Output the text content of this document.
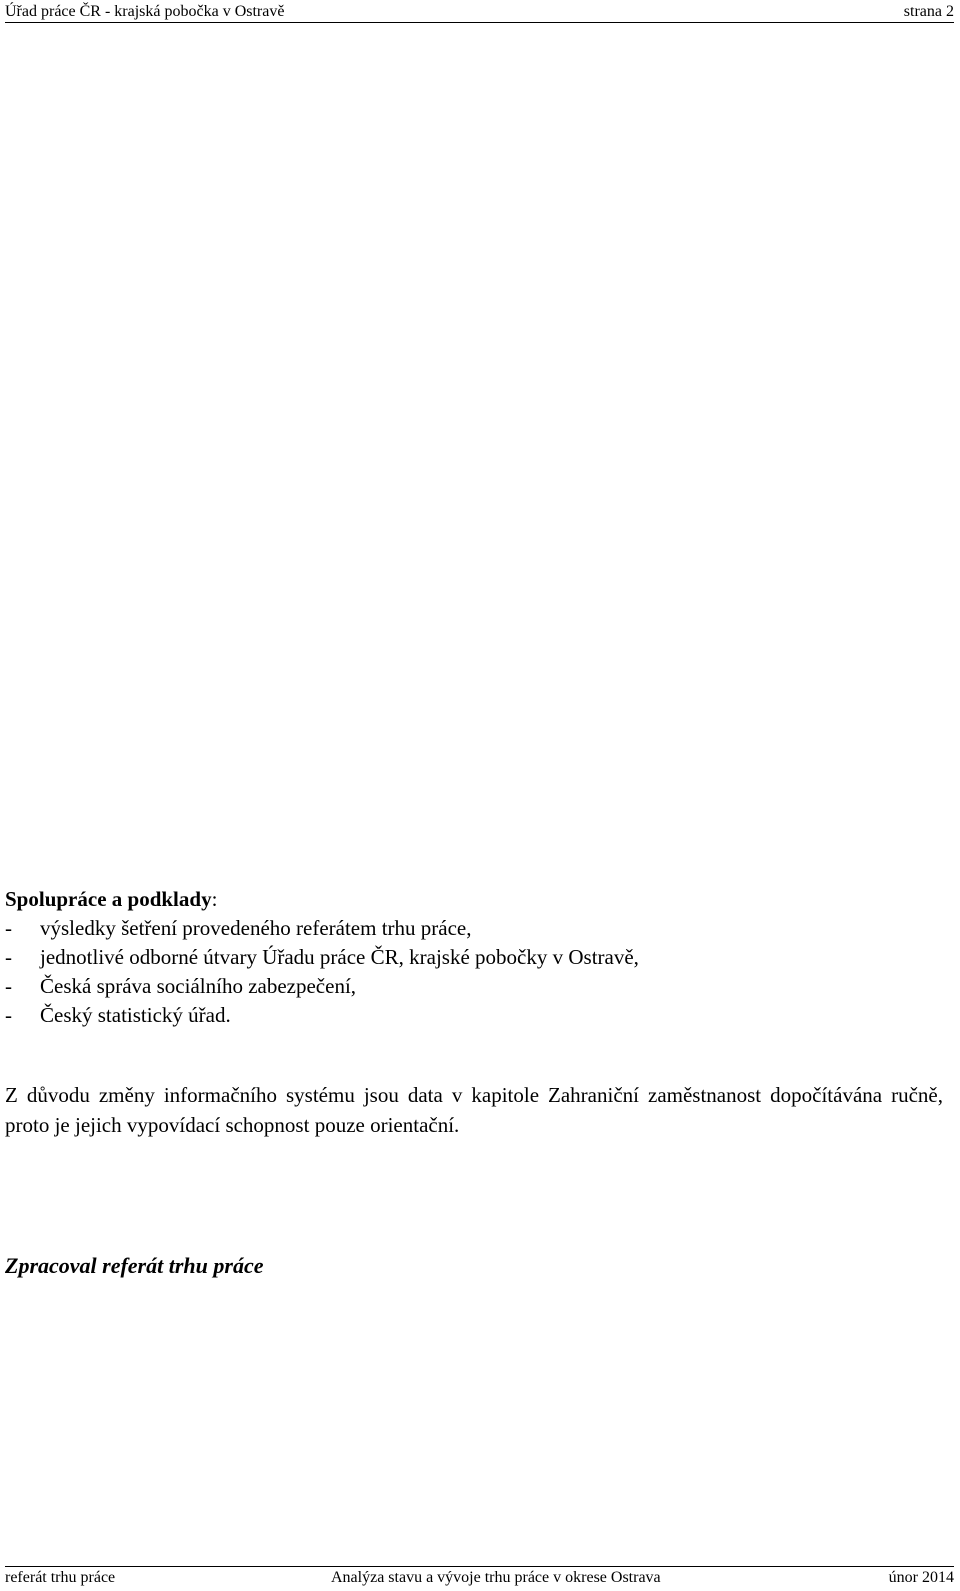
Úřad práce ČR - krajská pobočka v Ostravě	strana 2

Spolupráce a podklady:

- výsledky šetření provedeného referátem trhu práce,
- jednotlivé odborné útvary Úřadu práce ČR, krajské pobočky v Ostravě,
- Česká správa sociálního zabezpečení,
- Český statistický úřad.

Z důvodu změny informačního systému jsou data v kapitole Zahraniční zaměstnanost dopočítávána ručně, proto je jejich vypovídací schopnost pouze orientační.

Zpracoval referát trhu práce

referát trhu práce	Analýza stavu a vývoje trhu práce v okrese Ostrava	únor 2014
